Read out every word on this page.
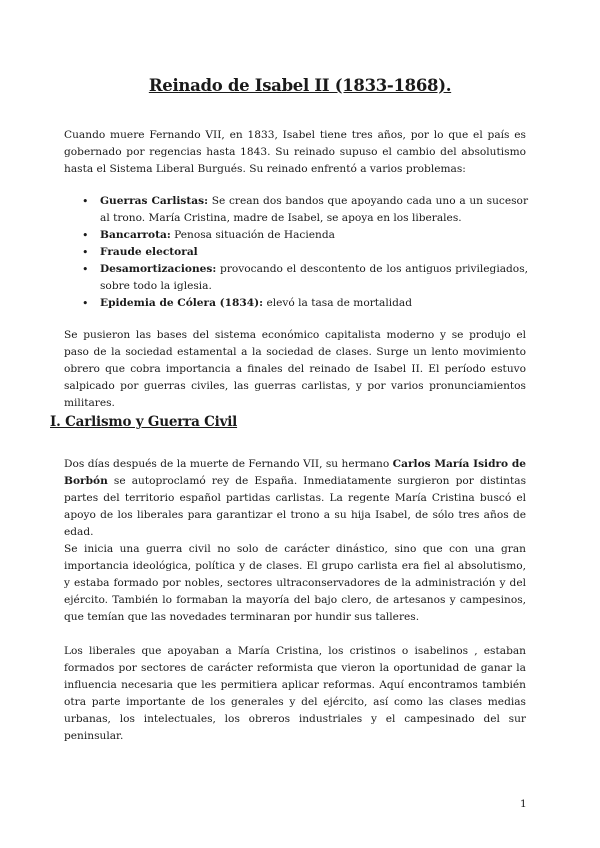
Reinado de Isabel II (1833-1868).

Cuando muere Fernando VII, en 1833, Isabel tiene tres años, por lo que el país es gobernado por regencias hasta 1843. Su reinado supuso el cambio del absolutismo hasta el Sistema Liberal Burgués. Su reinado enfrentó a varios problemas:

• Guerras Carlistas: Se crean dos bandos que apoyando cada uno a un sucesor al trono. María Cristina, madre de Isabel, se apoya en los liberales.
• Bancarrota: Penosa situación de Hacienda
• Fraude electoral
• Desamortizaciones: provocando el descontento de los antiguos privilegiados, sobre todo la iglesia.
• Epidemia de Cólera (1834): elevó la tasa de mortalidad

Se pusieron las bases del sistema económico capitalista moderno y se produjo el paso de la sociedad estamental a la sociedad de clases. Surge un lento movimiento obrero que cobra importancia a finales del reinado de Isabel II. El período estuvo salpicado por guerras civiles, las guerras carlistas, y por varios pronunciamientos militares.

I. Carlismo y Guerra Civil

Dos días después de la muerte de Fernando VII, su hermano Carlos María Isidro de Borbón se autoproclamó rey de España. Inmediatamente surgieron por distintas partes del territorio español partidas carlistas. La regente María Cristina buscó el apoyo de los liberales para garantizar el trono a su hija Isabel, de sólo tres años de edad.

Se inicia una guerra civil no solo de carácter dinástico, sino que con una gran importancia ideológica, política y de clases. El grupo carlista era fiel al absolutismo, y estaba formado por nobles, sectores ultraconservadores de la administración y del ejército. También lo formaban la mayoría del bajo clero, de artesanos y campesinos, que temían que las novedades terminaran por hundir sus talleres.

Los liberales que apoyaban a María Cristina, los cristinos o isabelinos , estaban formados por sectores de carácter reformista que vieron la oportunidad de ganar la influencia necesaria que les permitiera aplicar reformas. Aquí encontramos también otra parte importante de los generales y del ejército, así como las clases medias urbanas, los intelectuales, los obreros industriales y el campesinado del sur peninsular.

1
